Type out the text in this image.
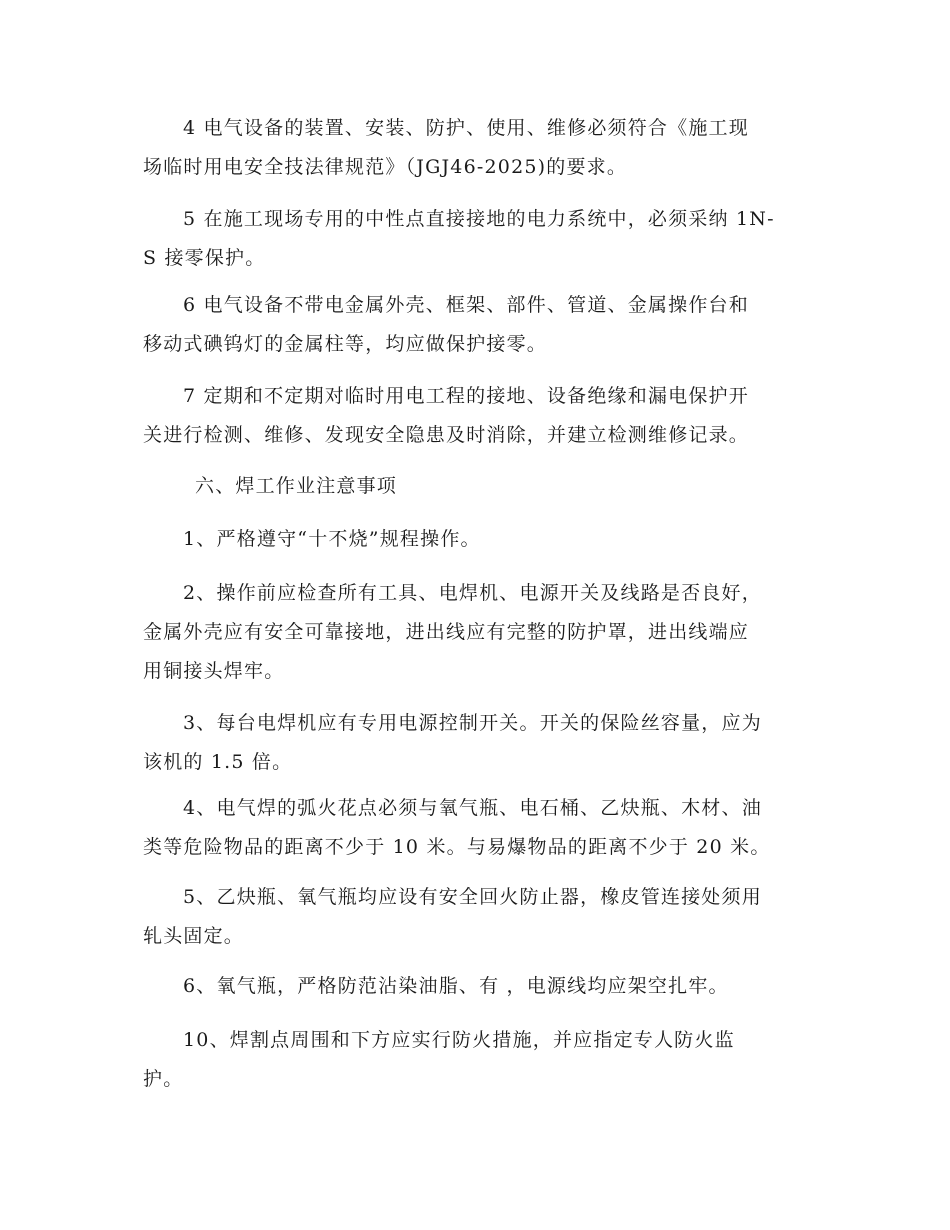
4 电气设备的装置、安装、防护、使用、维修必须符合《施工现
场临时用电安全技法律规范》（JGJ46-2025)的要求。
5 在施工现场专用的中性点直接接地的电力系统中，必须采纳 1N-
S 接零保护。
6 电气设备不带电金属外壳、框架、部件、管道、金属操作台和
移动式碘钨灯的金属柱等，均应做保护接零。
7 定期和不定期对临时用电工程的接地、设备绝缘和漏电保护开
关进行检测、维修、发现安全隐患及时消除，并建立检测维修记录。
六、焊工作业注意事项
1、严格遵守“十不烧”规程操作。
2、操作前应检查所有工具、电焊机、电源开关及线路是否良好，
金属外壳应有安全可靠接地，进出线应有完整的防护罩，进出线端应
用铜接头焊牢。
3、每台电焊机应有专用电源控制开关。开关的保险丝容量，应为
该机的 1.5 倍。
4、电气焊的弧火花点必须与氧气瓶、电石桶、乙炔瓶、木材、油
类等危险物品的距离不少于 10 米。与易爆物品的距离不少于 20 米。
5、乙炔瓶、氧气瓶均应设有安全回火防止器，橡皮管连接处须用
轧头固定。
6、氧气瓶，严格防范沾染油脂、有 ，电源线均应架空扎牢。
10、焊割点周围和下方应实行防火措施，并应指定专人防火监
护。
